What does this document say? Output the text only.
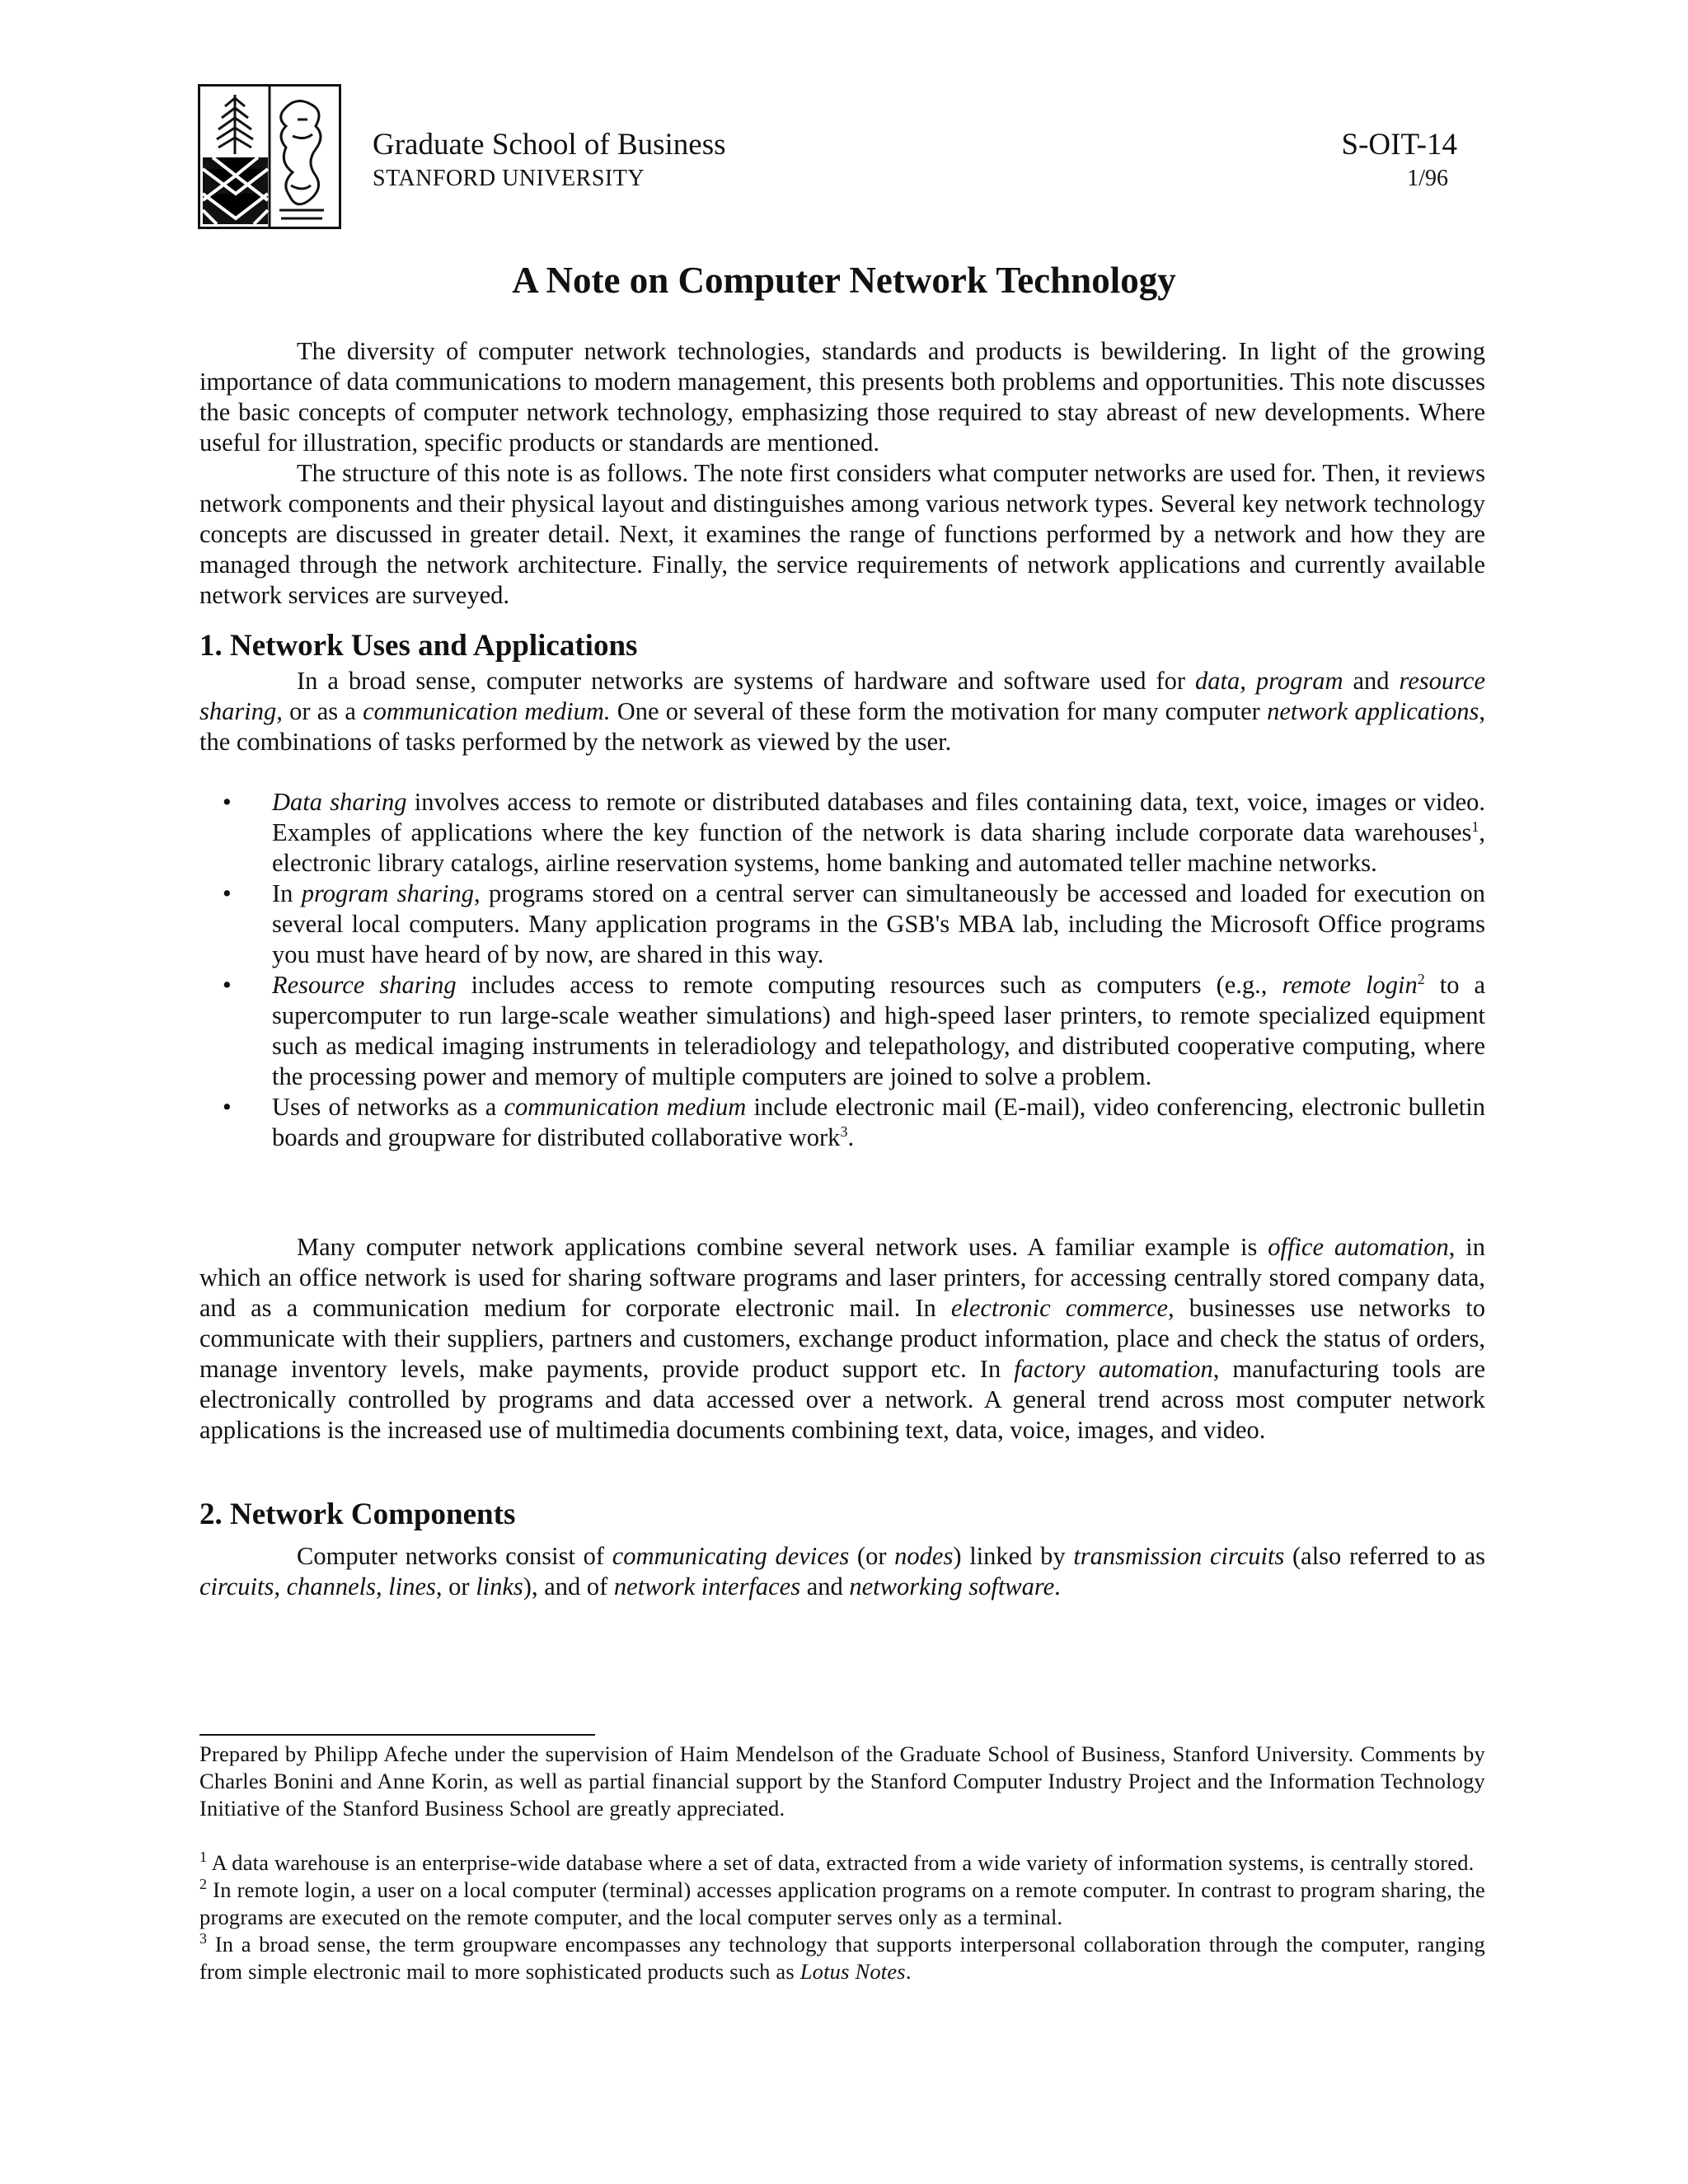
Graduate School of Business
STANFORD UNIVERSITY
S-OIT-14
1/96
A Note on Computer Network Technology

The diversity of computer network technologies, standards and products is bewildering. In light of the growing importance of data communications to modern management, this presents both problems and opportunities. This note discusses the basic concepts of computer network technology, emphasizing those required to stay abreast of new developments. Where useful for illustration, specific products or standards are mentioned.

The structure of this note is as follows. The note first considers what computer networks are used for. Then, it reviews network components and their physical layout and distinguishes among various network types. Several key network technology concepts are discussed in greater detail. Next, it examines the range of functions performed by a network and how they are managed through the network architecture. Finally, the service requirements of network applications and currently available network services are surveyed.

1. Network Uses and Applications

In a broad sense, computer networks are systems of hardware and software used for data, program and resource sharing, or as a communication medium. One or several of these form the motivation for many computer network applications, the combinations of tasks performed by the network as viewed by the user.

• Data sharing involves access to remote or distributed databases and files containing data, text, voice, images or video. Examples of applications where the key function of the network is data sharing include corporate data warehouses$^1$, electronic library catalogs, airline reservation systems, home banking and automated teller machine networks.
• In program sharing, programs stored on a central server can simultaneously be accessed and loaded for execution on several local computers. Many application programs in the GSB's MBA lab, including the Microsoft Office programs you must have heard of by now, are shared in this way.
• Resource sharing includes access to remote computing resources such as computers (e.g., remote login$^2$ to a supercomputer to run large-scale weather simulations) and high-speed laser printers, to remote specialized equipment such as medical imaging instruments in teleradiology and telepathology, and distributed cooperative computing, where the processing power and memory of multiple computers are joined to solve a problem.
• Uses of networks as a communication medium include electronic mail (E-mail), video conferencing, electronic bulletin boards and groupware for distributed collaborative work$^3$.

Many computer network applications combine several network uses. A familiar example is office automation, in which an office network is used for sharing software programs and laser printers, for accessing centrally stored company data, and as a communication medium for corporate electronic mail. In electronic commerce, businesses use networks to communicate with their suppliers, partners and customers, exchange product information, place and check the status of orders, manage inventory levels, make payments, provide product support etc. In factory automation, manufacturing tools are electronically controlled by programs and data accessed over a network. A general trend across most computer network applications is the increased use of multimedia documents combining text, data, voice, images, and video.

2. Network Components

Computer networks consist of communicating devices (or nodes) linked by transmission circuits (also referred to as circuits, channels, lines, or links), and of network interfaces and networking software.

Prepared by Philipp Afeche under the supervision of Haim Mendelson of the Graduate School of Business, Stanford University. Comments by Charles Bonini and Anne Korin, as well as partial financial support by the Stanford Computer Industry Project and the Information Technology Initiative of the Stanford Business School are greatly appreciated.
$^1$ A data warehouse is an enterprise-wide database where a set of data, extracted from a wide variety of information systems, is centrally stored.
$^2$ In remote login, a user on a local computer (terminal) accesses application programs on a remote computer. In contrast to program sharing, the programs are executed on the remote computer, and the local computer serves only as a terminal.
$^3$ In a broad sense, the term groupware encompasses any technology that supports interpersonal collaboration through the computer, ranging from simple electronic mail to more sophisticated products such as Lotus Notes.
